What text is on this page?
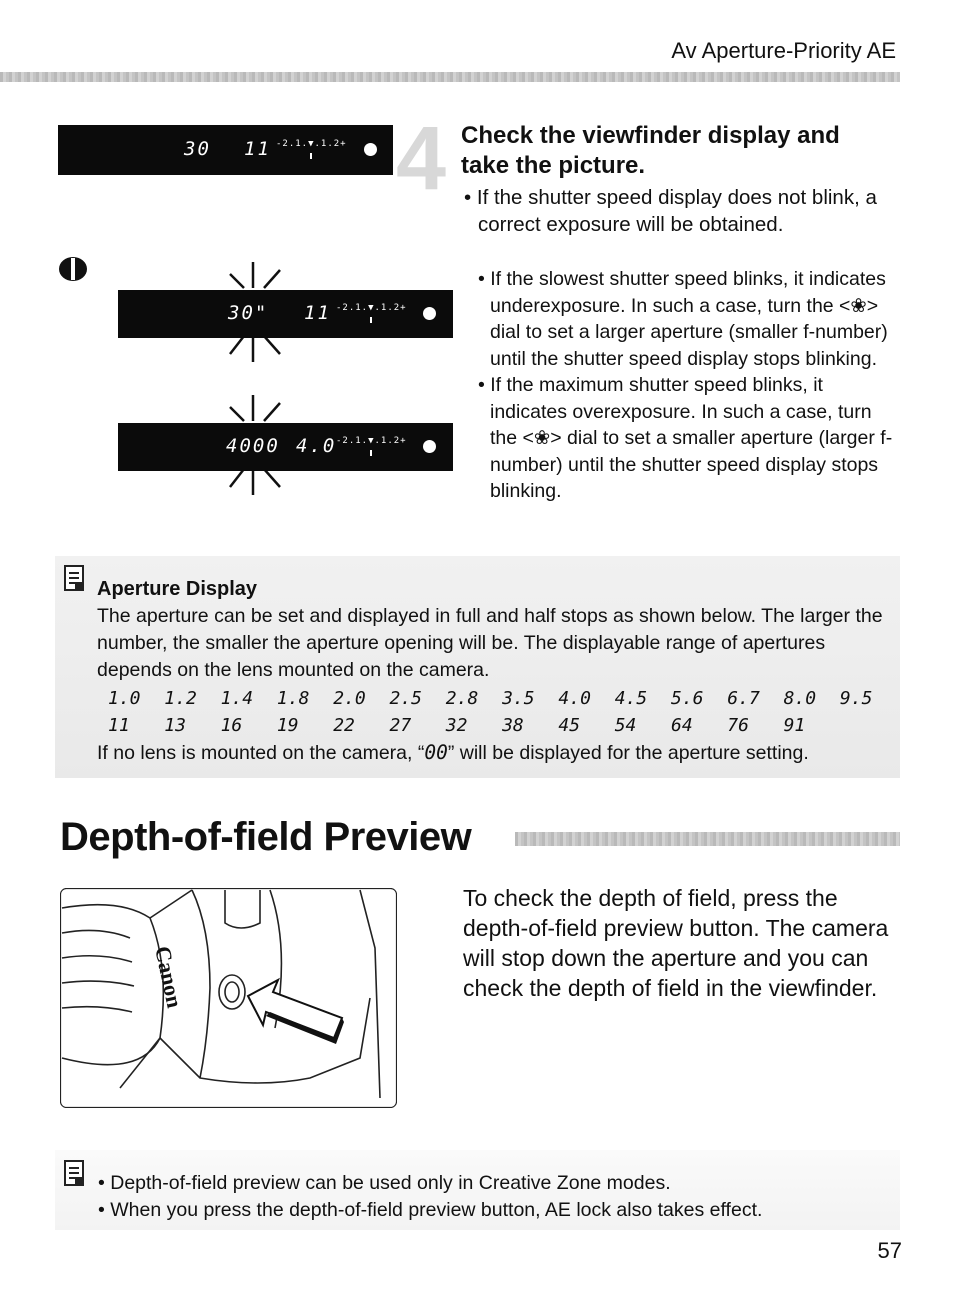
Av Aperture-Priority AE
30 11 -2.1.▼.1.2+ 4 Check the viewfinder display and
take the picture.
• If the shutter speed display does not blink, a correct exposure will be obtained.
30" 11 -2.1.▼.1.2+
4000 4.0 -2.1.▼.1.2+

• If the slowest shutter speed blinks, it indicates underexposure. In such a case, turn the <❀> dial to set a larger aperture (smaller f-number) until the shutter speed display stops blinking.

• If the maximum shutter speed blinks, it indicates overexposure. In such a case, turn the <❀> dial to set a smaller aperture (larger f-number) until the shutter speed display stops blinking.

Aperture Display
The aperture can be set and displayed in full and half stops as shown below. The larger the number, the smaller the aperture opening will be. The displayable range of apertures depends on the lens mounted on the camera.
1.0 1.2 1.4 1.8 2.0 2.5 2.8 3.5 4.0 4.5 5.6 6.7 8.0 9.5
11 13 16 19 22 27 32 38 45 54 64 76 91
If no lens is mounted on the camera, “00” will be displayed for the aperture setting.
Depth-of-field Preview
Canon
To check the depth of field, press the depth-of-field preview button. The camera will stop down the aperture and you can check the depth of field in the viewfinder.
• Depth-of-field preview can be used only in Creative Zone modes.
• When you press the depth-of-field preview button, AE lock also takes effect.
57
